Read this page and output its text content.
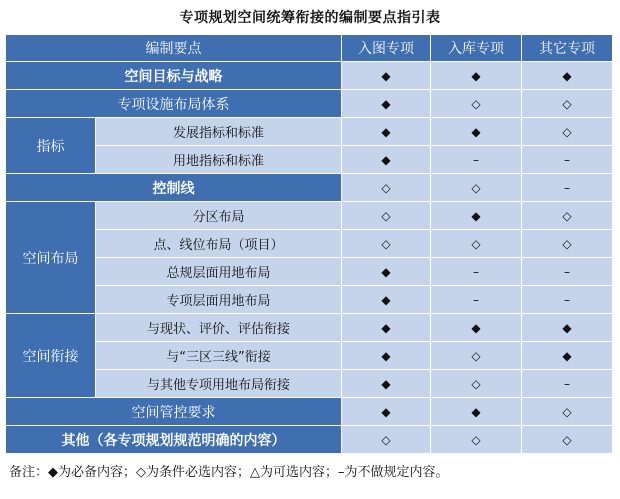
专项规划空间统筹衔接的编制要点指引表
编制要点		入图专项	入库专项	其它专项
空间目标与战略		◆	◆	◆
专项设施布局体系		◆	◇	◇
指标	发展指标和标准	◆	◆	◇
	用地指标和标准	◆	–	–
控制线		◇	◇	–
空间布局	分区布局	◇	◆	◇
	点、线位布局（项目）	◇	◇	◇
	总规层面用地布局	◆	–	–
	专项层面用地布局	◆	–	–
空间衔接	与现状、评价、评估衔接	◆	◆	◆
	与“三区三线”衔接	◆	◇	◆
	与其他专项用地布局衔接	◆	◇	–
空间管控要求		◆	◆	◇
其他（各专项规划规范明确的内容）		◇	◇	◇
备注：◆为必备内容；◇为条件必选内容；△为可选内容；–为不做规定内容。
